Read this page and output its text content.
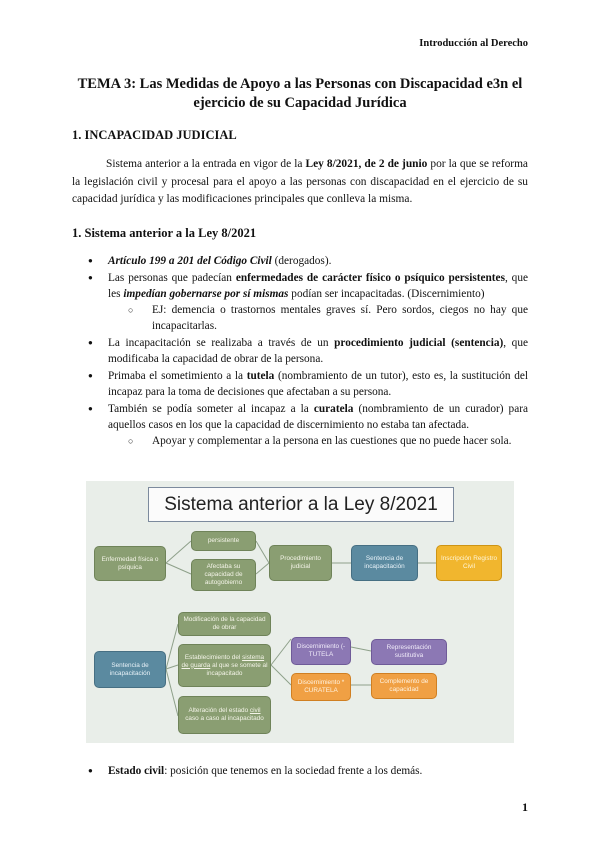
Introducción al Derecho
TEMA 3: Las Medidas de Apoyo a las Personas con Discapacidad e3n el ejercicio de su Capacidad Jurídica
1. INCAPACIDAD JUDICIAL

Sistema anterior a la entrada en vigor de la Ley 8/2021, de 2 de junio por la que se reforma la legislación civil y procesal para el apoyo a las personas con discapacidad en el ejercicio de su capacidad jurídica y las modificaciones principales que conlleva la misma.

1. Sistema anterior a la Ley 8/2021
● Artículo 199 a 201 del Código Civil (derogados).
● Las personas que padecían enfermedades de carácter físico o psíquico persistentes, que les impedían gobernarse por sí mismas podían ser incapacitadas. (Discernimiento)
○ EJ: demencia o trastornos mentales graves sí. Pero sordos, ciegos no hay que incapacitarlas.
● La incapacitación se realizaba a través de un procedimiento judicial (sentencia), que modificaba la capacidad de obrar de la persona.
● Primaba el sometimiento a la tutela (nombramiento de un tutor), esto es, la sustitución del incapaz para la toma de decisiones que afectaban a su persona.
● También se podía someter al incapaz a la curatela (nombramiento de un curador) para aquellos casos en los que la capacidad de discernimiento no estaba tan afectada.
○ Apoyar y complementar a la persona en las cuestiones que no puede hacer sola.
Sistema anterior a la Ley 8/2021
Enfermedad física o psíquica
persistente
Afectaba su capacidad de autogobierno
Procedimiento judicial
Sentencia de incapacitación
Inscripción Registro Civil
Sentencia de incapacitación
Modificación de la capacidad de obrar
Establecimiento del sistema de guarda al que se somete al incapacitado
Alteración del estado civil caso a caso al incapacitado
Discernimiento (- TUTELA
Representación sustitutiva
Discernimiento * CURATELA
Complemento de capacidad
●	Estado civil: posición que tenemos en la sociedad frente a los demás.
1
